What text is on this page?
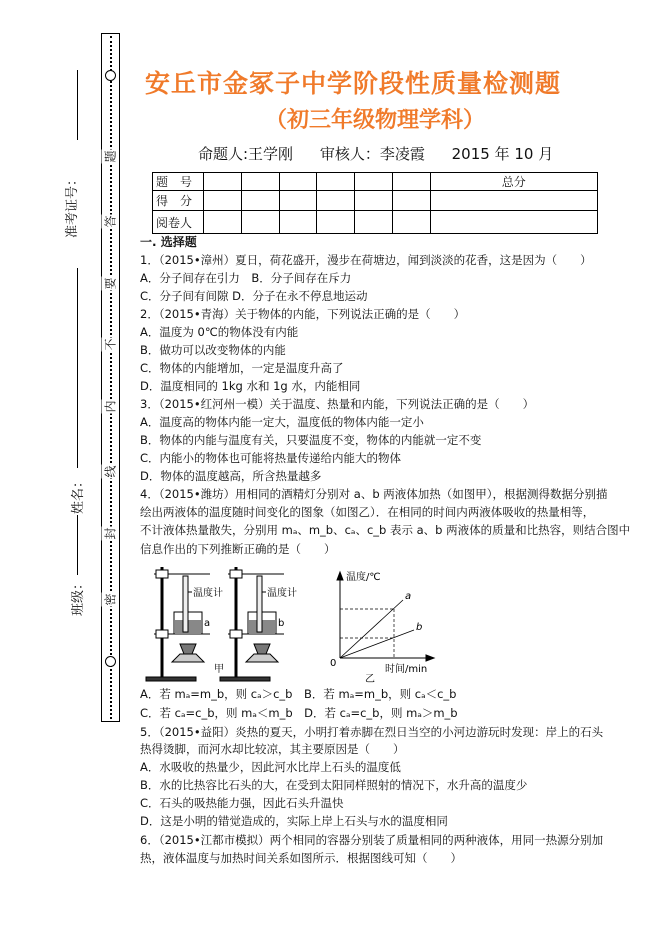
题
答
要
不
内
线
封
密
准考证号：
姓名：
班级：
安丘市金冢子中学阶段性质量检测题
（初三年级物理学科）
命题人:王学刚 审核人：李凌霞 2015 年 10 月
题　号							总分
得　分							
阅卷人							
一. 选择题
1．（2015•漳州）夏日，荷花盛开，漫步在荷塘边，闻到淡淡的花香，这是因为（　　）
A．分子间存在引力　B．分子间存在斥力
C．分子间有间隙 D．分子在永不停息地运动
2．（2015•青海）关于物体的内能，下列说法正确的是（　　）
A．温度为 0℃的物体没有内能
B．做功可以改变物体的内能
C．物体的内能增加，一定是温度升高了
D．温度相同的 1kg 水和 1g 水，内能相同
3．（2015•红河州一模）关于温度、热量和内能，下列说法正确的是（　　）
A．温度高的物体内能一定大，温度低的物体内能一定小
B．物体的内能与温度有关，只要温度不变，物体的内能就一定不变
C．内能小的物体也可能将热量传递给内能大的物体
D．物体的温度越高，所含热量越多
4．（2015•潍坊）用相同的酒精灯分别对 a、b 两液体加热（如图甲），根据测得数据分别描
绘出两液体的温度随时间变化的图象（如图乙）．在相同的时间内两液体吸收的热量相等，
不计液体热量散失，分别用 mₐ、m_b、cₐ、c_b 表示 a、b 两液体的质量和比热容，则结合图中
信息作出的下列推断正确的是（　　）
温度计
a
温度计
b
甲
温度/℃
a
b
0
时间/min
乙
A．若 mₐ=m_b，则 cₐ＞c_b　 B．若 mₐ=m_b，则 cₐ＜c_b
C．若 cₐ=c_b，则 mₐ＜m_b　 D．若 cₐ=c_b，则 mₐ＞m_b
5．（2015•益阳）炎热的夏天，小明打着赤脚在烈日当空的小河边游玩时发现：岸上的石头
热得烫脚，而河水却比较凉，其主要原因是（　　）
A．水吸收的热量少，因此河水比岸上石头的温度低
B．水的比热容比石头的大，在受到太阳同样照射的情况下，水升高的温度少
C．石头的吸热能力强，因此石头升温快
D．这是小明的错觉造成的，实际上岸上石头与水的温度相同
6．（2015•江都市模拟）两个相同的容器分别装了质量相同的两种液体，用同一热源分别加
热，液体温度与加热时间关系如图所示．根据图线可知（　　）
